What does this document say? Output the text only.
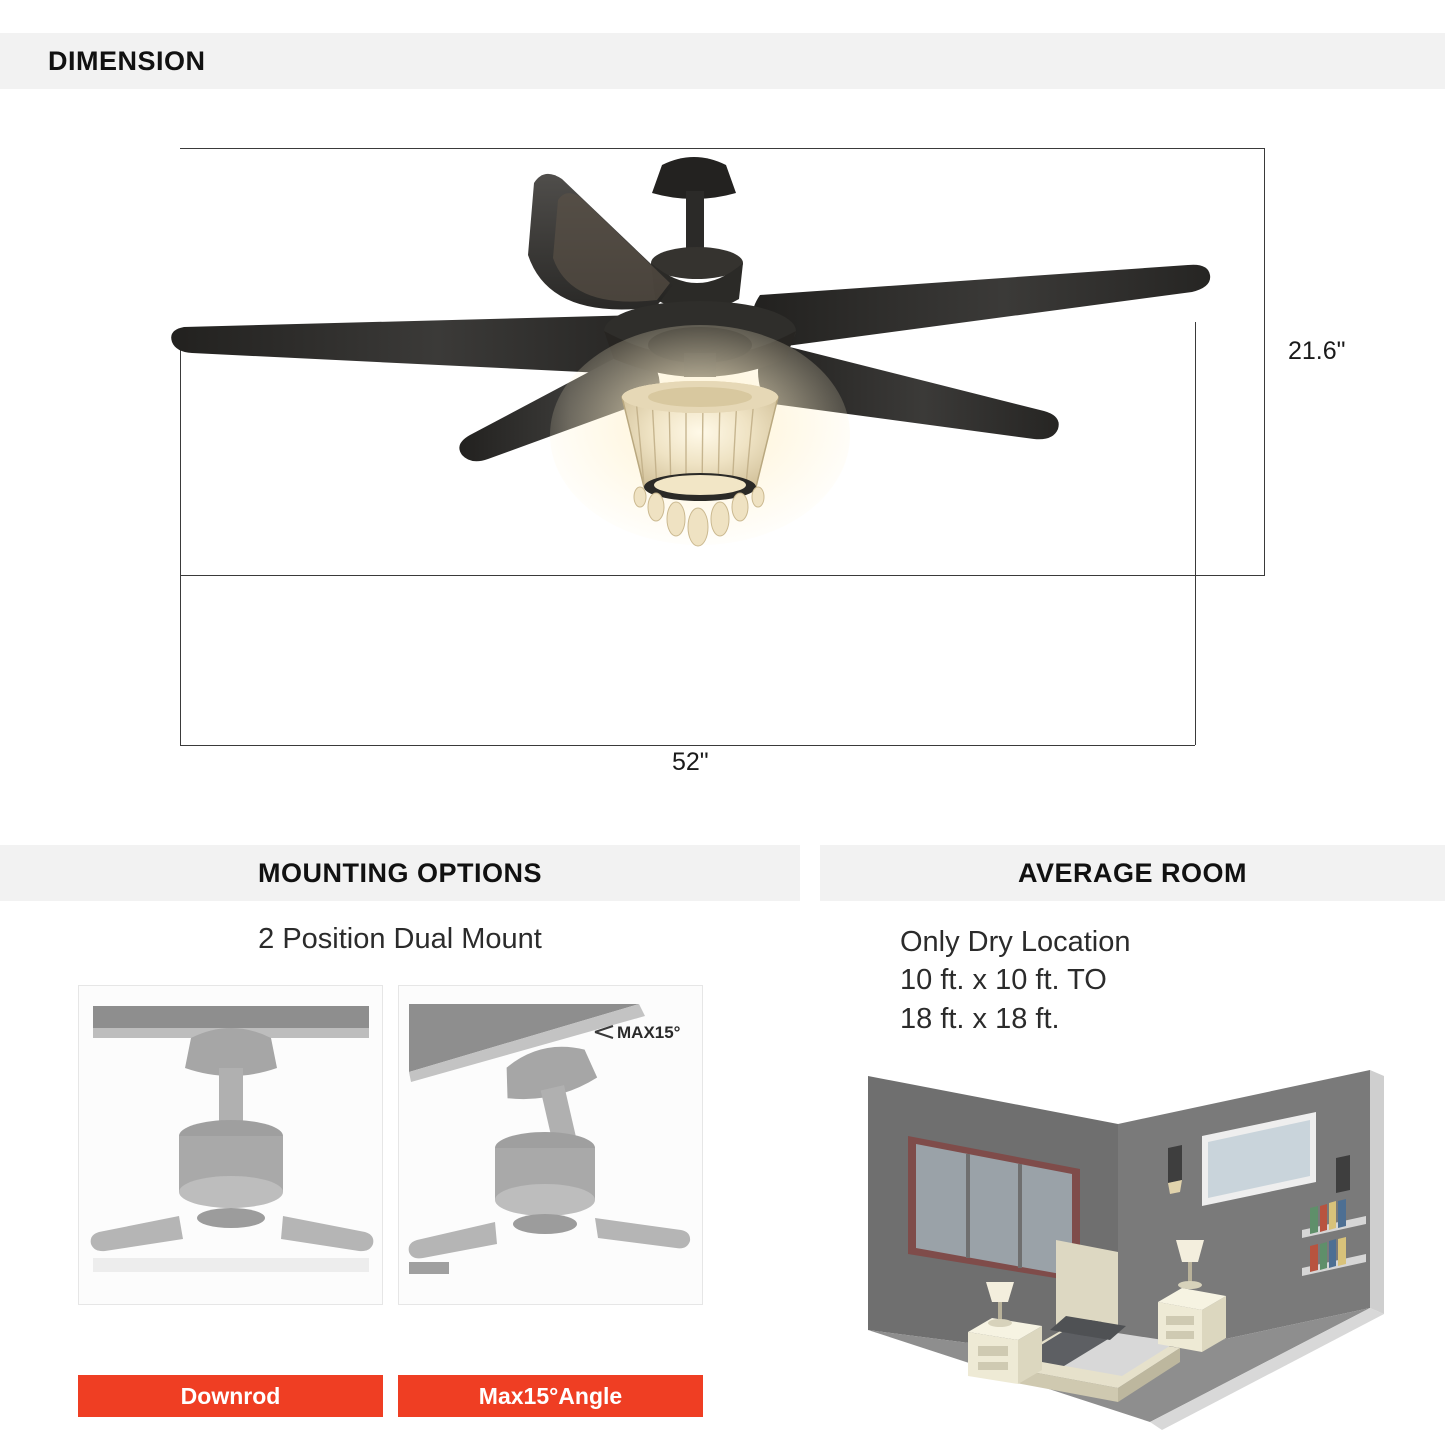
DIMENSION
21.6"
52"
MOUNTING OPTIONS
2 Position Dual Mount
MAX15°
Downrod	Max15°Angle
AVERAGE ROOM
Only Dry Location
10 ft. x 10 ft. TO
18 ft. x 18 ft.
